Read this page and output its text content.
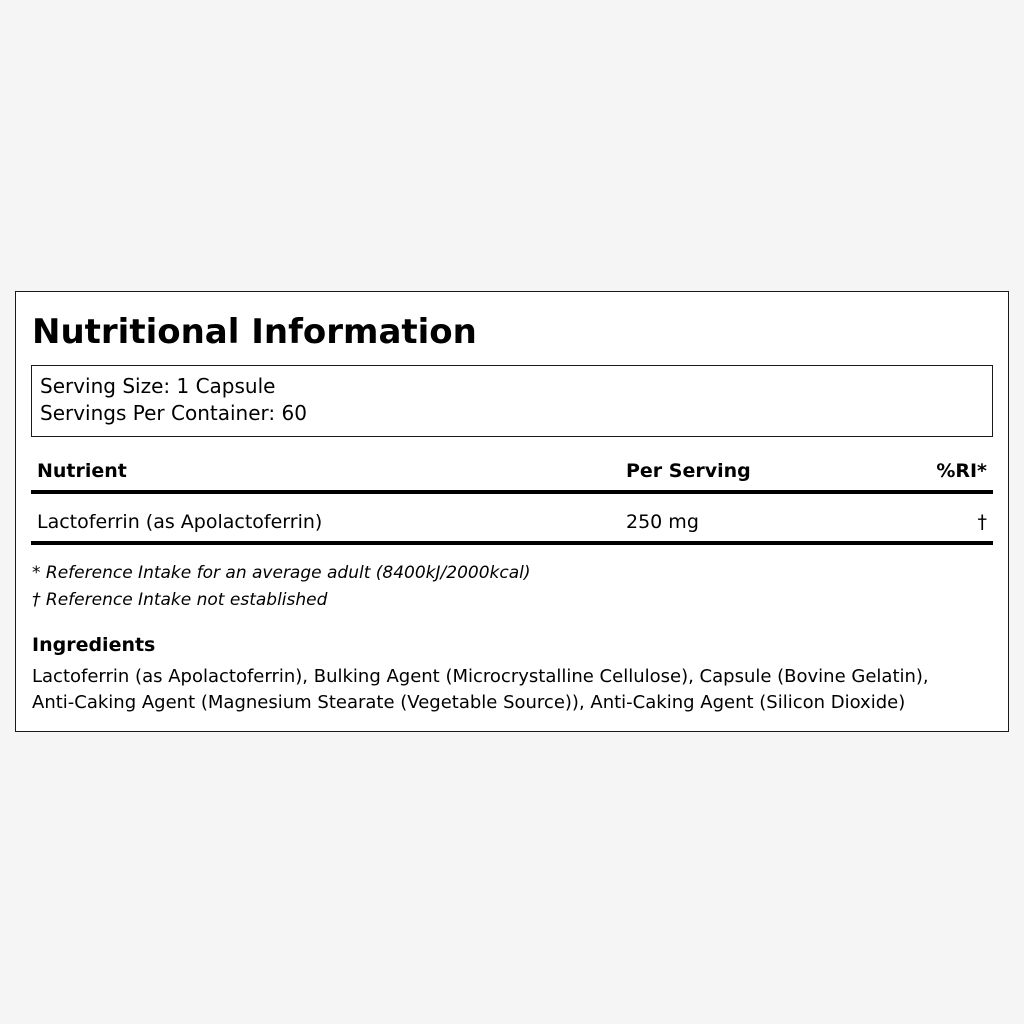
Nutritional Information
Serving Size: 1 Capsule
Servings Per Container: 60
Nutrient	Per Serving	%RI*
Lactoferrin (as Apolactoferrin)	250 mg	†
* Reference Intake for an average adult (8400kJ/2000kcal)
† Reference Intake not established
Ingredients
Lactoferrin (as Apolactoferrin), Bulking Agent (Microcrystalline Cellulose), Capsule (Bovine Gelatin), Anti-Caking Agent (Magnesium Stearate (Vegetable Source)), Anti-Caking Agent (Silicon Dioxide)
